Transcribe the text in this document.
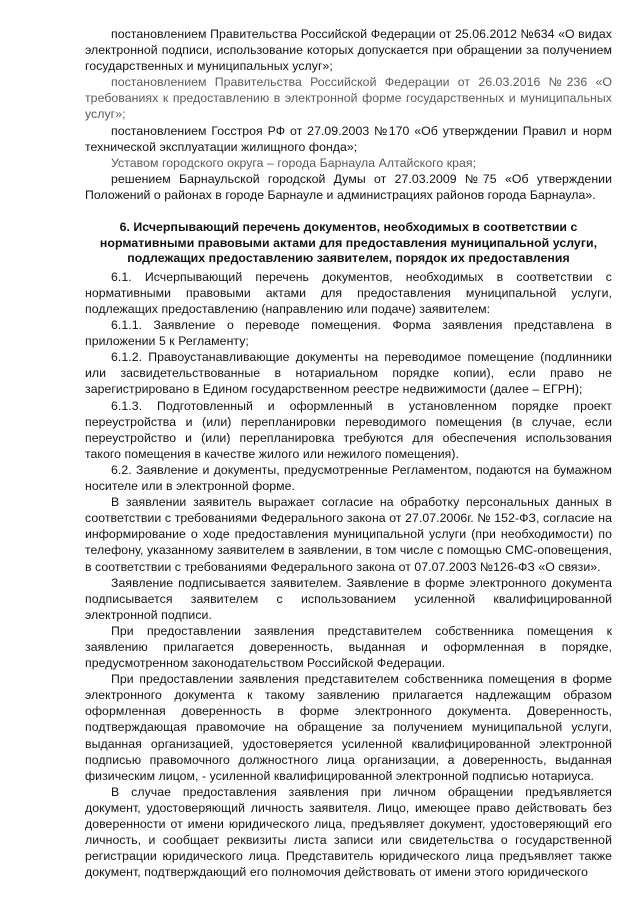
постановлением Правительства Российской Федерации от 25.06.2012 №634 «О видах электронной подписи, использование которых допускается при обращении за получением государственных и муниципальных услуг»;

постановлением Правительства Российской Федерации от 26.03.2016 №236 «О требованиях к предоставлению в электронной форме государственных и муниципальных услуг»;

постановлением Госстроя РФ от 27.09.2003 №170 «Об утверждении Правил и норм технической эксплуатации жилищного фонда»;

Уставом городского округа – города Барнаула Алтайского края;

решением Барнаульской городской Думы от 27.03.2009 №75 «Об утверждении Положений о районах в городе Барнауле и администрациях районов города Барнаула».

6. Исчерпывающий перечень документов, необходимых в соответствии с нормативными правовыми актами для предоставления муниципальной услуги, подлежащих предоставлению заявителем, порядок их предоставления

6.1. Исчерпывающий перечень документов, необходимых в соответствии с нормативными правовыми актами для предоставления муниципальной услуги, подлежащих предоставлению (направлению или подаче) заявителем:

6.1.1. Заявление о переводе помещения. Форма заявления представлена в приложении 5 к Регламенту;

6.1.2. Правоустанавливающие документы на переводимое помещение (подлинники или засвидетельствованные в нотариальном порядке копии), если право не зарегистрировано в Едином государственном реестре недвижимости (далее – ЕГРН);

6.1.3. Подготовленный и оформленный в установленном порядке проект переустройства и (или) перепланировки переводимого помещения (в случае, если переустройство и (или) перепланировка требуются для обеспечения использования такого помещения в качестве жилого или нежилого помещения).

6.2. Заявление и документы, предусмотренные Регламентом, подаются на бумажном носителе или в электронной форме.

В заявлении заявитель выражает согласие на обработку персональных данных в соответствии с требованиями Федерального закона от 27.07.2006г. № 152-ФЗ, согласие на информирование о ходе предоставления муниципальной услуги (при необходимости) по телефону, указанному заявителем в заявлении, в том числе с помощью СМС-оповещения, в соответствии с требованиями Федерального закона от 07.07.2003 №126-ФЗ «О связи».

Заявление подписывается заявителем. Заявление в форме электронного документа подписывается заявителем с использованием усиленной квалифицированной электронной подписи.

При предоставлении заявления представителем собственника помещения к заявлению прилагается доверенность, выданная и оформленная в порядке, предусмотренном законодательством Российской Федерации.

При предоставлении заявления представителем собственника помещения в форме электронного документа к такому заявлению прилагается надлежащим образом оформленная доверенность в форме электронного документа. Доверенность, подтверждающая правомочие на обращение за получением муниципальной услуги, выданная организацией, удостоверяется усиленной квалифицированной электронной подписью правомочного должностного лица организации, а доверенность, выданная физическим лицом, - усиленной квалифицированной электронной подписью нотариуса.

В случае предоставления заявления при личном обращении предъявляется документ, удостоверяющий личность заявителя. Лицо, имеющее право действовать без доверенности от имени юридического лица, предъявляет документ, удостоверяющий его личность, и сообщает реквизиты листа записи или свидетельства о государственной регистрации юридического лица. Представитель юридического лица предъявляет также документ, подтверждающий его полномочия действовать от имени этого юридического
